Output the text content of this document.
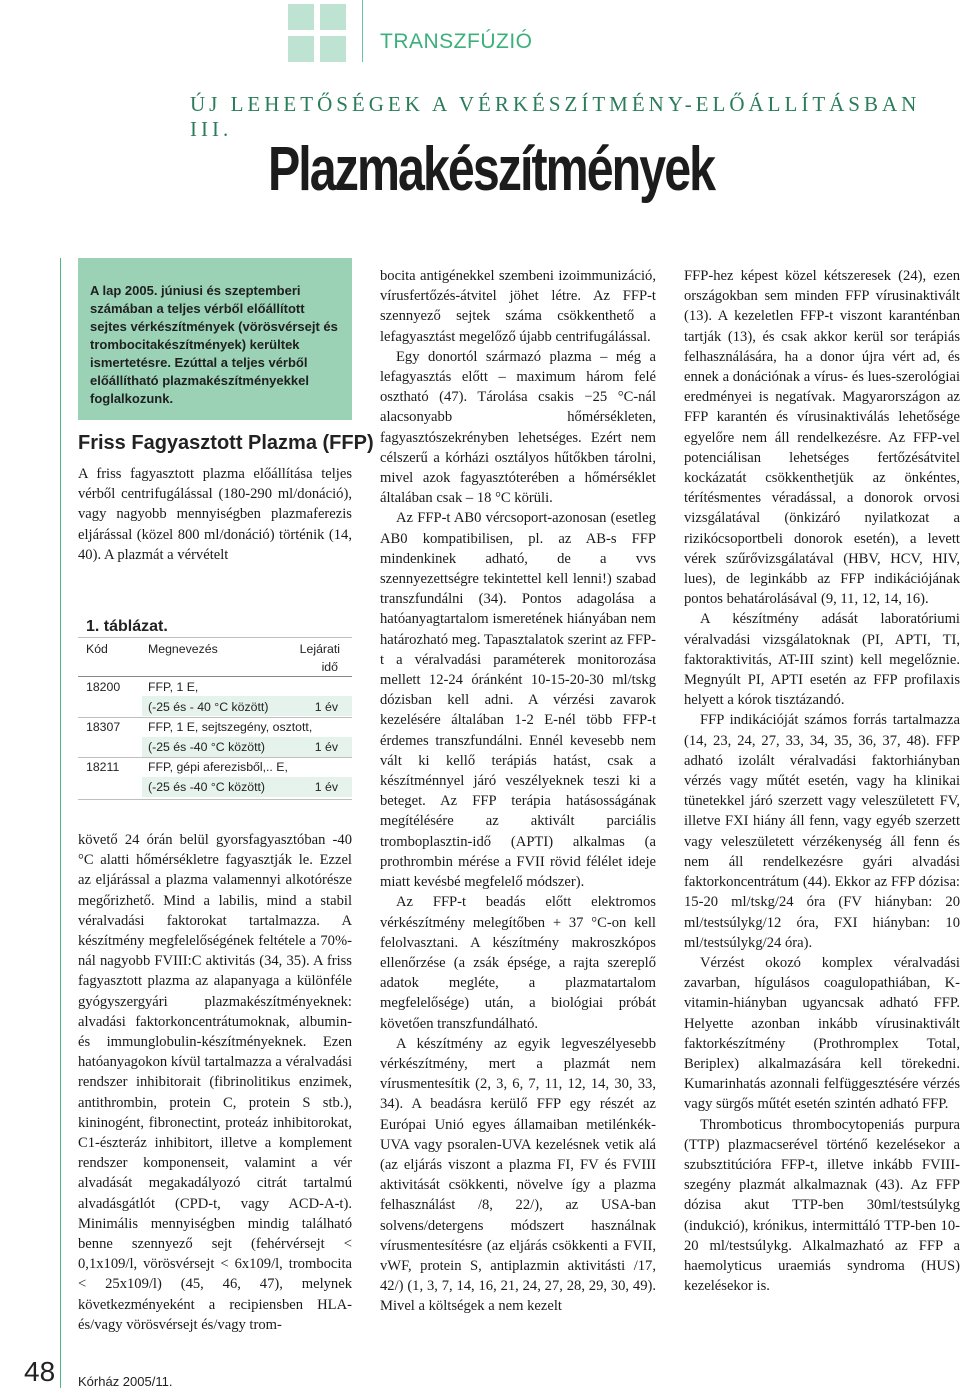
TRANSZFÚZIÓ
ÚJ LEHETŐSÉGEK A VÉRKÉSZÍTMÉNY-ELŐÁLLÍTÁSBAN III.
Plazmakészítmények
A lap 2005. júniusi és szeptemberi számában a teljes vérből előállított sejtes vérkészítmények (vörösvérsejt és trombocitakészítmények) kerültek ismertetésre. Ezúttal a teljes vérből előállítható plazmakészítményekkel foglalkozunk.
Friss Fagyasztott Plazma (FFP)

A friss fagyasztott plazma előállítása teljes vérből centrifugálással (180-290 ml/donáció), vagy nagyobb mennyiségben plazmaferezis eljárással (közel 800 ml/donáció) történik (14, 40). A plazmát a vérvételt

1. táblázat.
Kód	Megnevezés	Lejárati
idő
18200 FFP, 1 E,
(-25 és - 40 °C között)	1 év
18307 FFP, 1 E, sejtszegény, osztott,
(-25 és -40 °C között)	1 év
18211 FFP, gépi aferezisből,.. E,
(-25 és -40 °C között)	1 év

követő 24 órán belül gyorsfagyasztóban -40 °C alatti hőmérsékletre fagyasztják le. Ezzel az eljárással a plazma valamennyi alkotórésze megőrizhető. Mind a labilis, mind a stabil véralvadási faktorokat tartalmazza. A készítmény megfelelőségének feltétele a 70%-nál nagyobb FVIII:C aktivitás (34, 35). A friss fagyasztott plazma az alapanyaga a különféle gyógyszergyári plazmakészítményeknek: alvadási faktorkoncentrátumoknak, albumin- és immunglobulin-készítményeknek. Ezen hatóanyagokon kívül tartalmazza a véralvadási rendszer inhibitorait (fibrinolitikus enzimek, antithrombin, protein C, protein S stb.), kininogént, fibronectint, proteáz inhibitorokat, C1-észteráz inhibitort, illetve a komplement rendszer komponenseit, valamint a vér alvadását megakadályozó citrát tartalmú alvadásgátlót (CPD-t, vagy ACD-A-t). Minimális mennyiségben mindig található benne szennyező sejt (fehérvérsejt < 0,1x109/l, vörösvérsejt < 6x109/l, trombocita < 25x109/l) (45, 46, 47), melynek következményeként a recipiensben HLA- és/vagy vörösvérsejt és/vagy trom-

bocita antigénekkel szembeni izoimmunizáció, vírusfertőzés-átvitel jöhet létre. Az FFP-t szennyező sejtek száma csökkenthető a lefagyasztást megelőző újabb centrifugálással.

Egy donortól származó plazma – még a lefagyasztás előtt – maximum három felé osztható (47). Tárolása csakis −25 °C-nál alacsonyabb hőmérsékleten, fagyasztószekrényben lehetséges. Ezért nem célszerű a kórházi osztályos hűtőkben tárolni, mivel azok fagyasztóterében a hőmérséklet általában csak – 18 °C körüli.

Az FFP-t AB0 vércsoport-azonosan (esetleg AB0 kompatibilisen, pl. az AB-s FFP mindenkinek adható, de a vvs szennyezettségre tekintettel kell lenni!) szabad transzfundálni (34). Pontos adagolása a hatóanyagtartalom ismeretének hiányában nem határozható meg. Tapasztalatok szerint az FFP-t a véralvadási paraméterek monitorozása mellett 12-24 óránként 10-15-20-30 ml/tskg dózisban kell adni. A vérzési zavarok kezelésére általában 1-2 E-nél több FFP-t érdemes transzfundálni. Ennél kevesebb nem vált ki kellő terápiás hatást, csak a készítménnyel járó veszélyeknek teszi ki a beteget. Az FFP terápia hatásosságának megítélésére az aktivált parciális tromboplasztin-idő (APTI) alkalmas (a prothrombin mérése a FVII rövid félélet ideje miatt kevésbé megfelelő módszer).

Az FFP-t beadás előtt elektromos vérkészítmény melegítőben + 37 °C-on kell felolvasztani. A készítmény makroszkópos ellenőrzése (a zsák épsége, a rajta szereplő adatok megléte, a plazmatartalom megfelelősége) után, a biológiai próbát követően transzfundálható.

A készítmény az egyik legveszélyesebb vérkészítmény, mert a plazmát nem vírusmentesítik (2, 3, 6, 7, 11, 12, 14, 30, 33, 34). A beadásra kerülő FFP egy részét az Európai Unió egyes államaiban metilénkék-UVA vagy psoralen-UVA kezelésnek vetik alá (az eljárás viszont a plazma FI, FV és FVIII aktivitását csökkenti, növelve így a plazma felhasználást /8, 22/), az USA-ban solvens/detergens módszert használnak vírusmentesítésre (az eljárás csökkenti a FVII, vWF, protein S, antiplazmin aktivitásti /17, 42/) (1, 3, 7, 14, 16, 21, 24, 27, 28, 29, 30, 49). Mivel a költségek a nem kezelt

FFP-hez képest közel kétszeresek (24), ezen országokban sem minden FFP vírusinaktivált (13). A kezeletlen FFP-t viszont karanténban tartják (13), és csak akkor kerül sor terápiás felhasználására, ha a donor újra vért ad, és ennek a donációnak a vírus- és lues-szerológiai eredményei is negatívak. Magyarországon az FFP karantén és vírusinaktiválás lehetősége egyelőre nem áll rendelkezésre. Az FFP-vel potenciálisan lehetséges fertőzésátvitel kockázatát csökkenthetjük az önkéntes, térítésmentes véradással, a donorok orvosi vizsgálatával (önkizáró nyilatkozat a rizikócsoportbeli donorok esetén), a levett vérek szűrővizsgálatával (HBV, HCV, HIV, lues), de leginkább az FFP indikációjának pontos behatárolásával (9, 11, 12, 14, 16).

A készítmény adását laboratóriumi véralvadási vizsgálatoknak (PI, APTI, TI, faktoraktivitás, AT-III szint) kell megelőznie. Megnyúlt PI, APTI esetén az FFP profilaxis helyett a kórok tisztázandó.

FFP indikációját számos forrás tartalmazza (14, 23, 24, 27, 33, 34, 35, 36, 37, 48). FFP adható izolált véralvadási faktorhiányban vérzés vagy műtét esetén, vagy ha klinikai tünetekkel járó szerzett vagy veleszületett FV, illetve FXI hiány áll fenn, vagy egyéb szerzett vagy veleszületett vérzékenység áll fenn és nem áll rendelkezésre gyári alvadási faktorkoncentrátum (44). Ekkor az FFP dózisa: 15-20 ml/tskg/24 óra (FV hiányban: 20 ml/testsúlykg/12 óra, FXI hiányban: 10 ml/testsúlykg/24 óra).

Vérzést okozó komplex véralvadási zavarban, hígulásos coagulopathiában, K-vitamin-hiányban ugyancsak adható FFP. Helyette azonban inkább vírusinaktivált faktorkészítmény (Prothromplex Total, Beriplex) alkalmazására kell törekedni. Kumarinhatás azonnali felfüggesztésére vérzés vagy sürgős műtét esetén szintén adható FFP.

Thromboticus thrombocytopeniás purpura (TTP) plazmacserével történő kezelésekor a szubsztitúcióra FFP-t, illetve inkább FVIII-szegény plazmát alkalmaznak (43). Az FFP dózisa akut TTP-ben 30ml/testsúlykg (indukció), krónikus, intermittáló TTP-ben 10-20 ml/testsúlykg. Alkalmazható az FFP a haemolyticus uraemiás syndroma (HUS) kezelésekor is.

48 Kórház 2005/11.
